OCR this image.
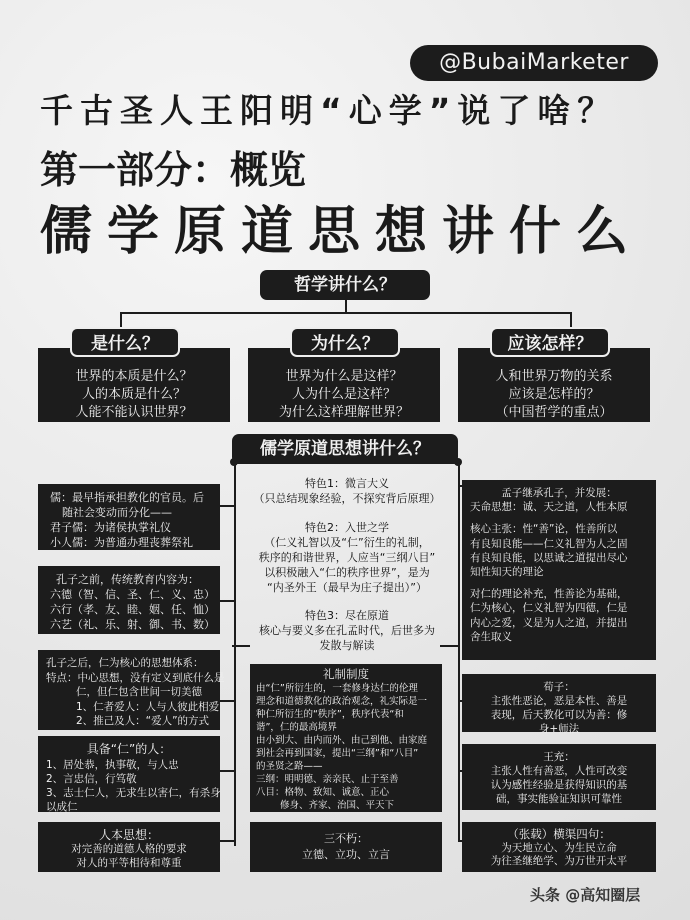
@BubaiMarketer
千古圣人王阳明“心学”说了啥？
第一部分：概览
儒学原道思想讲什么
哲学讲什么？
是什么？	为什么？	应该怎样？
世界的本质是什么？
人的本质是什么？
人能不能认识世界？
世界为什么是这样？
人为什么是这样？
为什么这样理解世界？
人和世界万物的关系
应该是怎样的？
（中国哲学的重点）
儒学原道思想讲什么？
儒：最早指承担教化的官员。后
随社会变动而分化——
君子儒：为诸侯执掌礼仪
小人儒：为普通办理丧葬祭礼
孔子之前，传统教育内容为：
六德（智、信、圣、仁、义、忠）
六行（孝、友、睦、姻、任、恤）
六艺（礼、乐、射、御、书、数）
孔子之后，仁为核心的思想体系：
特点：中心思想，没有定义到底什么是
仁，但仁包含世间一切美德
1、仁者爱人：人与人彼此相爱
2、推己及人：“爱人”的方式
具备“仁”的人：
1、居处恭，执事敬，与人忠
2、言忠信，行笃敬
3、志士仁人，无求生以害仁，有杀身
以成仁
人本思想：
对完善的道德人格的要求
对人的平等相待和尊重
特色1：微言大义
（只总结现象经验，不探究背后原理）
特色2：入世之学
（仁义礼智以及“仁”衍生的礼制，
秩序的和谐世界，人应当“三纲八目”
以积极融入“仁的秩序世界”，是为
“内圣外王（最早为庄子提出）”）
特色3：尽在原道
核心与要义多在孔孟时代，后世多为
发散与解读
礼制制度
由“仁”所衍生的，一套修身达仁的伦理
理念和道德教化的政治观念，礼实际是一
种仁所衍生的“秩序”，秩序代表“和
谐”，仁的最高境界
由小到大、由内而外、由己到他、由家庭
到社会再到国家，提出“三纲”和“八目”
的圣贤之路——
三纲：明明德、亲亲民、止于至善
八目：格物、致知、诚意、正心
修身、齐家、治国、平天下
三不朽：
立德、立功、立言
孟子继承孔子，并发展：
天命思想：诚、天之道，人性本原
核心主张：性“善”论，性善所以
有良知良能——仁义礼智为人之固
有良知良能，以思诚之道提出尽心
知性知天的理论
对仁的理论补充，性善论为基础，
仁为核心，仁义礼智为四德，仁是
内心之爱，义是为人之道，并提出
舍生取义
荀子：
主张性恶论，恶是本性、善是
表现，后天教化可以为善：修
身+师法
王充：
主张人性有善恶，人性可改变
认为感性经验是获得知识的基
础，事实能验证知识可靠性
（张载）横渠四句：
为天地立心、为生民立命
为往圣继绝学、为万世开太平
头条 @高知圈层
